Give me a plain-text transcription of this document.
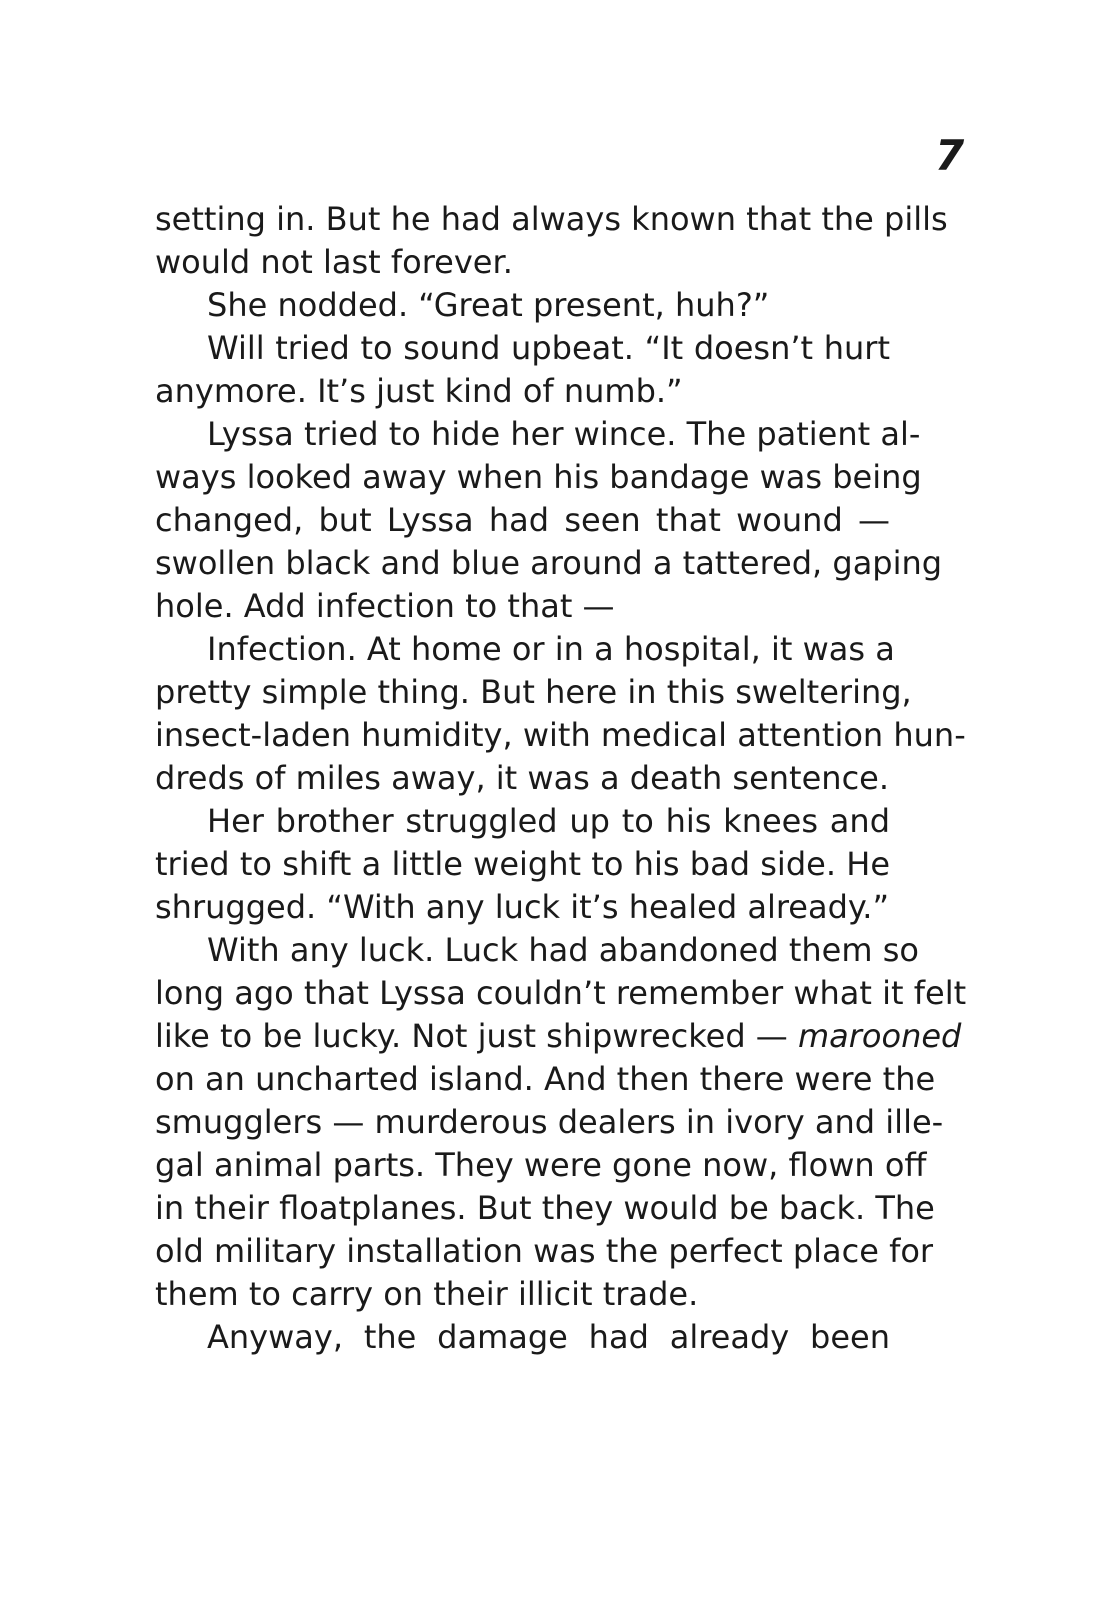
7
setting in. But he had always known that the pills
would not last forever.
She nodded. “Great present, huh?”
Will tried to sound upbeat. “It doesn’t hurt
anymore. It’s just kind of numb.”
Lyssa tried to hide her wince. The patient al-
ways looked away when his bandage was being
changed, but Lyssa had seen that wound —
swollen black and blue around a tattered, gaping
hole. Add infection to that —
Infection. At home or in a hospital, it was a
pretty simple thing. But here in this sweltering,
insect-laden humidity, with medical attention hun-
dreds of miles away, it was a death sentence.
Her brother struggled up to his knees and
tried to shift a little weight to his bad side. He
shrugged. “With any luck it’s healed already.”
With any luck. Luck had abandoned them so
long ago that Lyssa couldn’t remember what it felt
like to be lucky. Not just shipwrecked — marooned
on an uncharted island. And then there were the
smugglers — murderous dealers in ivory and ille-
gal animal parts. They were gone now, flown off
in their floatplanes. But they would be back. The
old military installation was the perfect place for
them to carry on their illicit trade.
Anyway, the damage had already been
